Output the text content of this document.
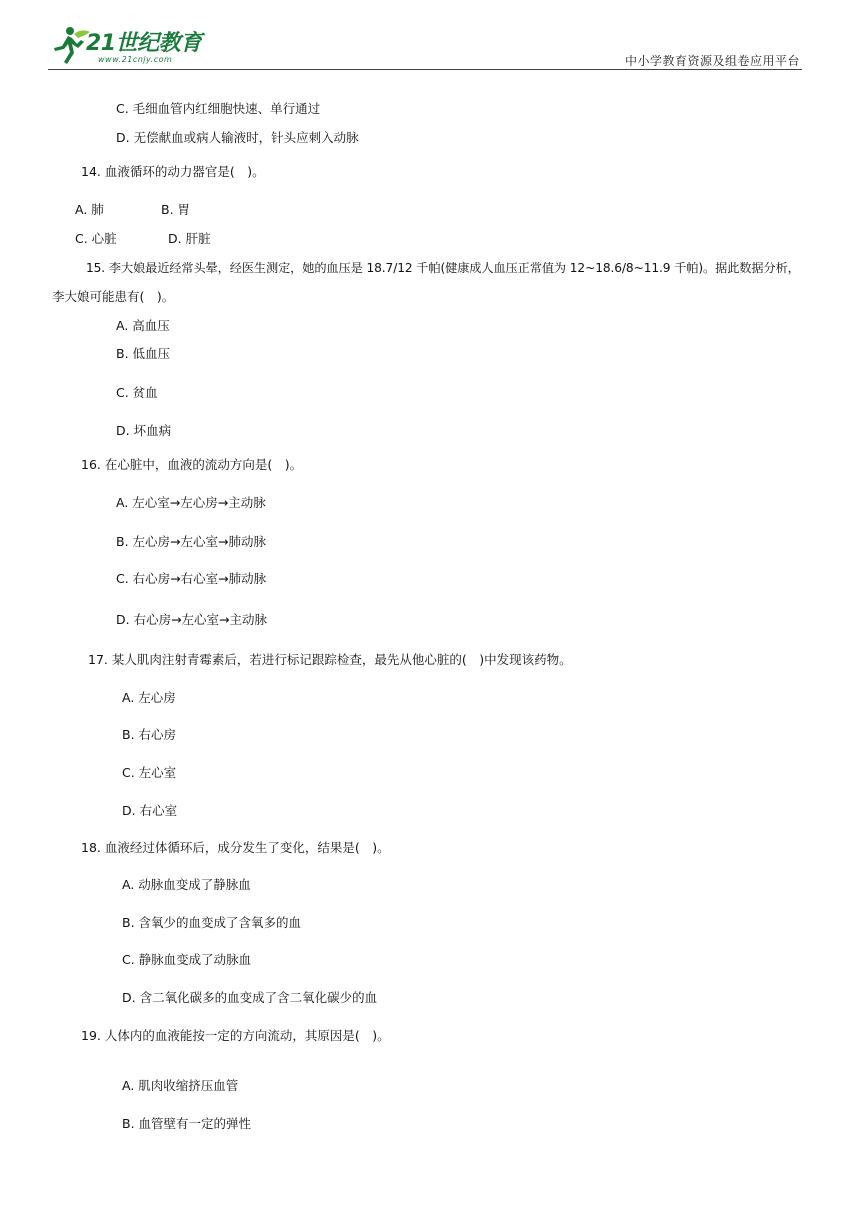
21世纪教育
www.21cnjy.com	中小学教育资源及组卷应用平台
C. 毛细血管内红细胞快速、单行通过
D. 无偿献血或病人输液时，针头应刺入动脉
14. 血液循环的动力器官是(　)。
A. 肺	B. 胃
C. 心脏	D. 肝脏
15. 李大娘最近经常头晕，经医生测定，她的血压是 18.7/12 千帕(健康成人血压正常值为 12~18.6/8~11.9 千帕)。据此数据分析，
李大娘可能患有(　)。
A. 高血压
B. 低血压
C. 贫血
D. 坏血病
16. 在心脏中，血液的流动方向是(　)。
A. 左心室→左心房→主动脉
B. 左心房→左心室→肺动脉
C. 右心房→右心室→肺动脉
D. 右心房→左心室→主动脉
17. 某人肌肉注射青霉素后，若进行标记跟踪检查，最先从他心脏的(　)中发现该药物。
A. 左心房
B. 右心房
C. 左心室
D. 右心室
18. 血液经过体循环后，成分发生了变化，结果是(　)。
A. 动脉血变成了静脉血
B. 含氧少的血变成了含氧多的血
C. 静脉血变成了动脉血
D. 含二氧化碳多的血变成了含二氧化碳少的血
19. 人体内的血液能按一定的方向流动，其原因是(　)。
A. 肌肉收缩挤压血管
B. 血管壁有一定的弹性
